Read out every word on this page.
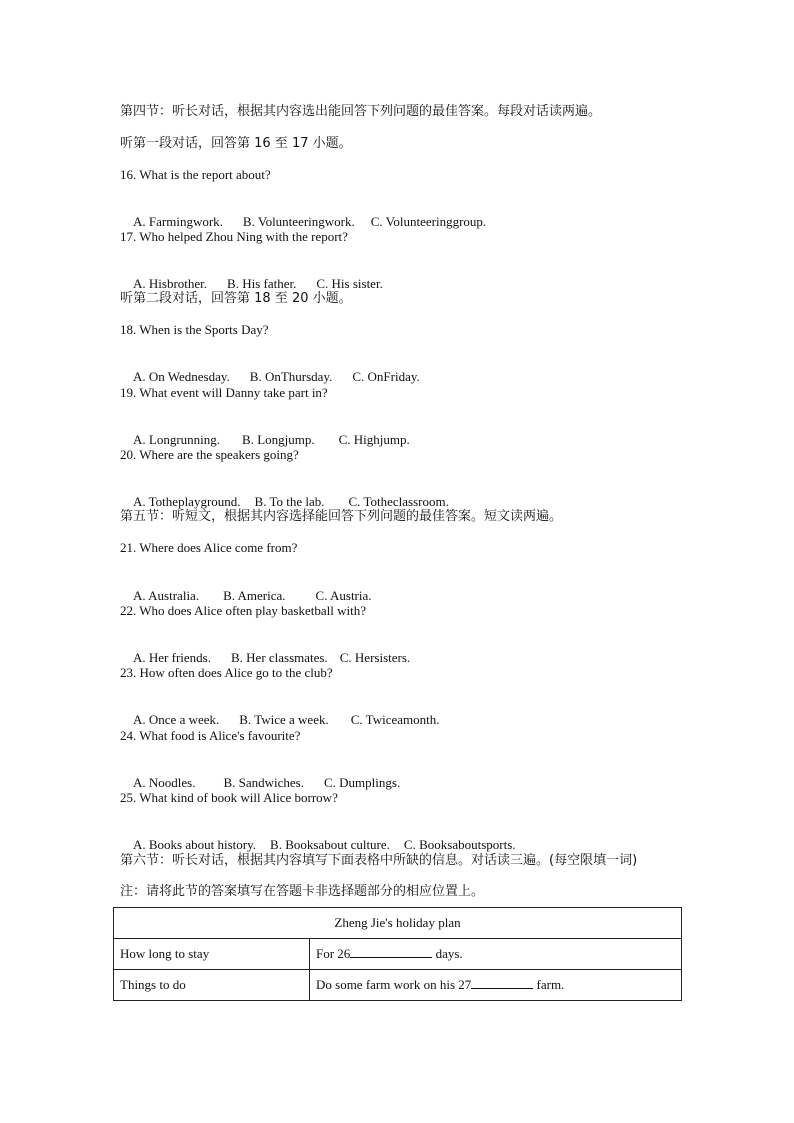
第四节：听长对话，根据其内容选出能回答下列问题的最佳答案。每段对话读两遍。
听第一段对话，回答第 16 至 17 小题。
16. What is the report about?

A. Farmingwork. B. Volunteeringwork. C. Volunteeringgroup.

17. Who helped Zhou Ning with the report?

A. Hisbrother. B. His father. C. His sister.

听第二段对话，回答第 18 至 20 小题。
18. When is the Sports Day?

A. On Wednesday. B. OnThursday. C. OnFriday.

19. What event will Danny take part in?

A. Longrunning. B. Longjump. C. Highjump.

20. Where are the speakers going?

A. Totheplayground. B. To the lab. C. Totheclassroom.

第五节：听短文，根据其内容选择能回答下列问题的最佳答案。短文读两遍。
21. Where does Alice come from?

A. Australia. B. America. C. Austria.

22. Who does Alice often play basketball with?

A. Her friends. B. Her classmates. C. Hersisters.

23. How often does Alice go to the club?

A. Once a week. B. Twice a week. C. Twiceamonth.

24. What food is Alice's favourite?

A. Noodles. B. Sandwiches. C. Dumplings.

25. What kind of book will Alice borrow?

A. Books about history. B. Booksabout culture. C. Booksaboutsports.

第六节：听长对话，根据其内容填写下面表格中所缺的信息。对话读三遍。(每空限填一词)
注：请将此节的答案填写在答题卡非选择题部分的相应位置上。
Zheng Jie's holiday plan	
How long to stay	For 26 days.
Things to do	Do some farm work on his 27 farm.
